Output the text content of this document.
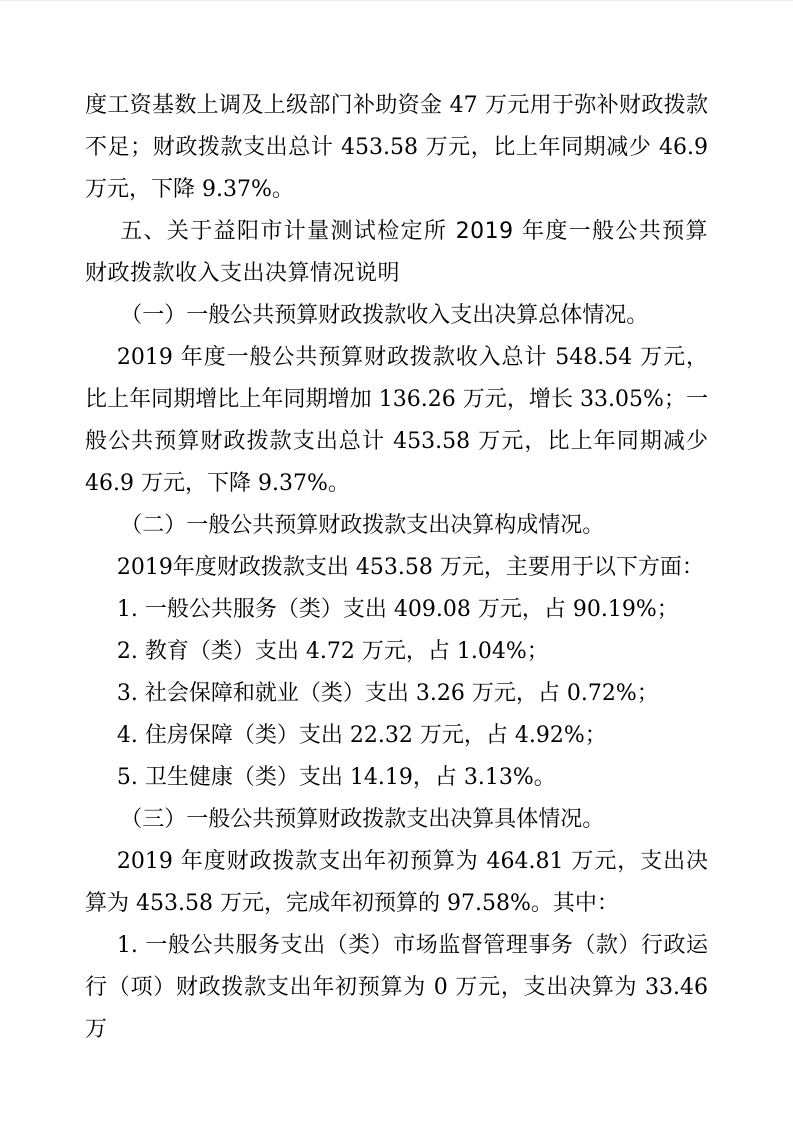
度工资基数上调及上级部门补助资金 47 万元用于弥补财政拨款不足；财政拨款支出总计 453.58 万元，比上年同期减少 46.9 万元，下降 9.37%。

五、关于益阳市计量测试检定所 2019 年度一般公共预算财政拨款收入支出决算情况说明
（一）一般公共预算财政拨款收入支出决算总体情况。

2019 年度一般公共预算财政拨款收入总计 548.54 万元，比上年同期增比上年同期增加 136.26 万元，增长 33.05%；一般公共预算财政拨款支出总计 453.58 万元，比上年同期减少 46.9 万元，下降 9.37%。

（二）一般公共预算财政拨款支出决算构成情况。

2019年度财政拨款支出 453.58 万元，主要用于以下方面：

1. 一般公共服务（类）支出 409.08 万元，占 90.19%；

2. 教育（类）支出 4.72 万元，占 1.04%；

3. 社会保障和就业（类）支出 3.26 万元，占 0.72%；

4. 住房保障（类）支出 22.32 万元，占 4.92%；

5. 卫生健康（类）支出 14.19，占 3.13%。

（三）一般公共预算财政拨款支出决算具体情况。

2019 年度财政拨款支出年初预算为 464.81 万元，支出决算为 453.58 万元，完成年初预算的 97.58%。其中：

1. 一般公共服务支出（类）市场监督管理事务（款）行政运行（项）财政拨款支出年初预算为 0 万元，支出决算为 33.46 万
